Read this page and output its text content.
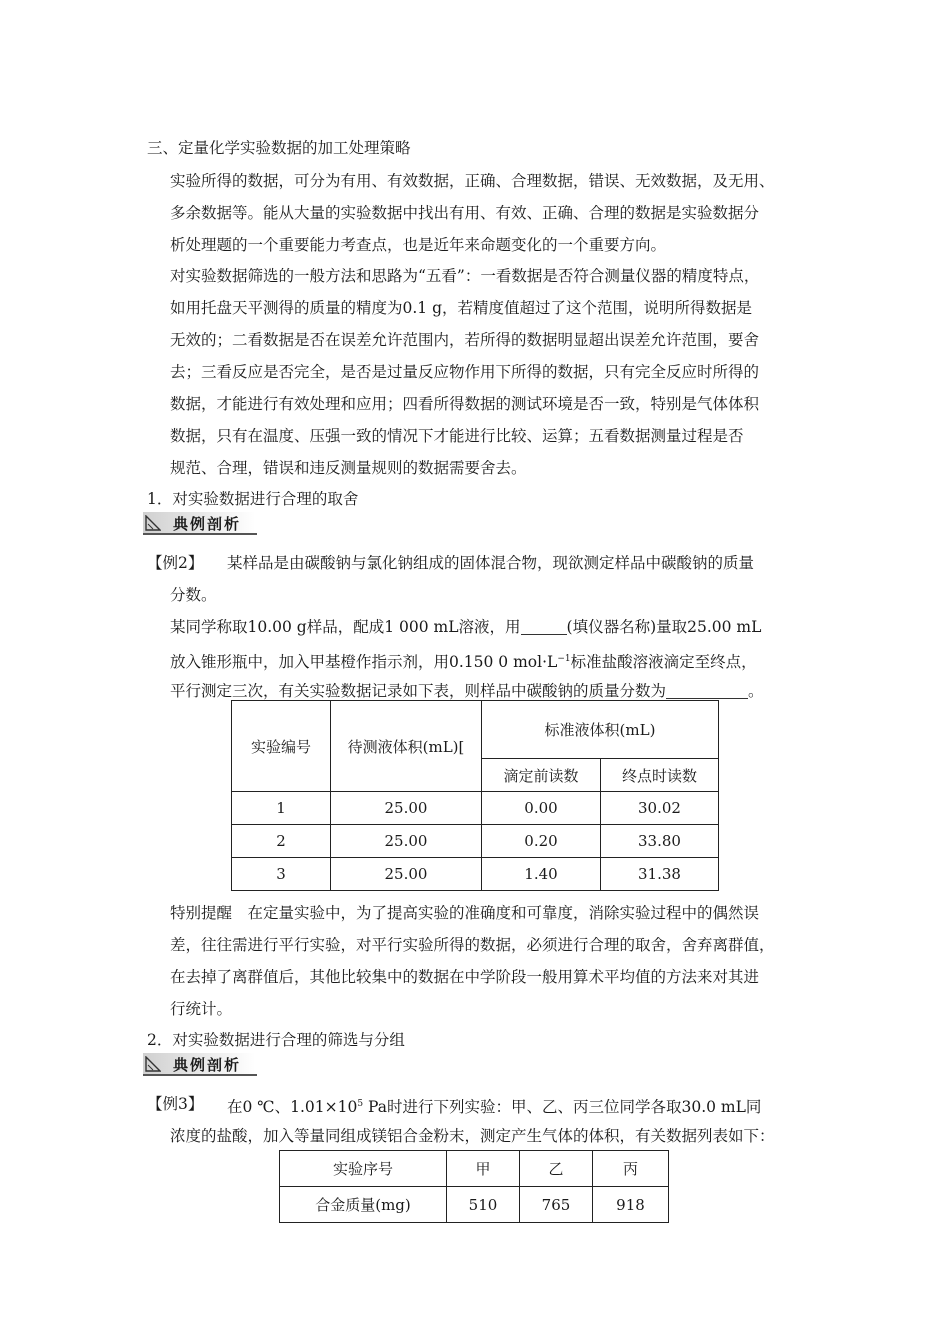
三、定量化学实验数据的加工处理策略
实验所得的数据，可分为有用、有效数据，正确、合理数据，错误、无效数据，及无用、
多余数据等。能从大量的实验数据中找出有用、有效、正确、合理的数据是实验数据分
析处理题的一个重要能力考查点，也是近年来命题变化的一个重要方向。
对实验数据筛选的一般方法和思路为“五看”：一看数据是否符合测量仪器的精度特点，
如用托盘天平测得的质量的精度为0.1 g，若精度值超过了这个范围，说明所得数据是
无效的；二看数据是否在误差允许范围内，若所得的数据明显超出误差允许范围，要舍
去；三看反应是否完全，是否是过量反应物作用下所得的数据，只有完全反应时所得的
数据，才能进行有效处理和应用；四看所得数据的测试环境是否一致，特别是气体体积
数据，只有在温度、压强一致的情况下才能进行比较、运算；五看数据测量过程是否
规范、合理，错误和违反测量规则的数据需要舍去。
1．对实验数据进行合理的取舍
典例剖析
【例2】 某样品是由碳酸钠与氯化钠组成的固体混合物，现欲测定样品中碳酸钠的质量
分数。
某同学称取10.00 g样品，配成1 000 mL溶液，用	(填仪器名称)量取25.00 mL
放入锥形瓶中，加入甲基橙作指示剂，用0.150 0 $mol\cdot L^{-1}$标准盐酸溶液滴定至终点，
平行测定三次，有关实验数据记录如下表，则样品中碳酸钠的质量分数为	。
实验编号	待测液体积(mL)[	标准液体积(mL)	
		滴定前读数	终点时读数
1	25.00	0.00	30.02
2	25.00	0.20	33.80
3	25.00	1.40	31.38
特别提醒　在定量实验中，为了提高实验的准确度和可靠度，消除实验过程中的偶然误
差，往往需进行平行实验，对平行实验所得的数据，必须进行合理的取舍，舍弃离群值，
在去掉了离群值后，其他比较集中的数据在中学阶段一般用算术平均值的方法来对其进
行统计。
2．对实验数据进行合理的筛选与分组
典例剖析
【例3】 在0 ℃、$1.01\times 10^5$ Pa时进行下列实验：甲、乙、丙三位同学各取30.0 mL同
浓度的盐酸，加入等量同组成镁铝合金粉末，测定产生气体的体积，有关数据列表如下：
实验序号	甲	乙	丙
合金质量(mg)	510	765	918
